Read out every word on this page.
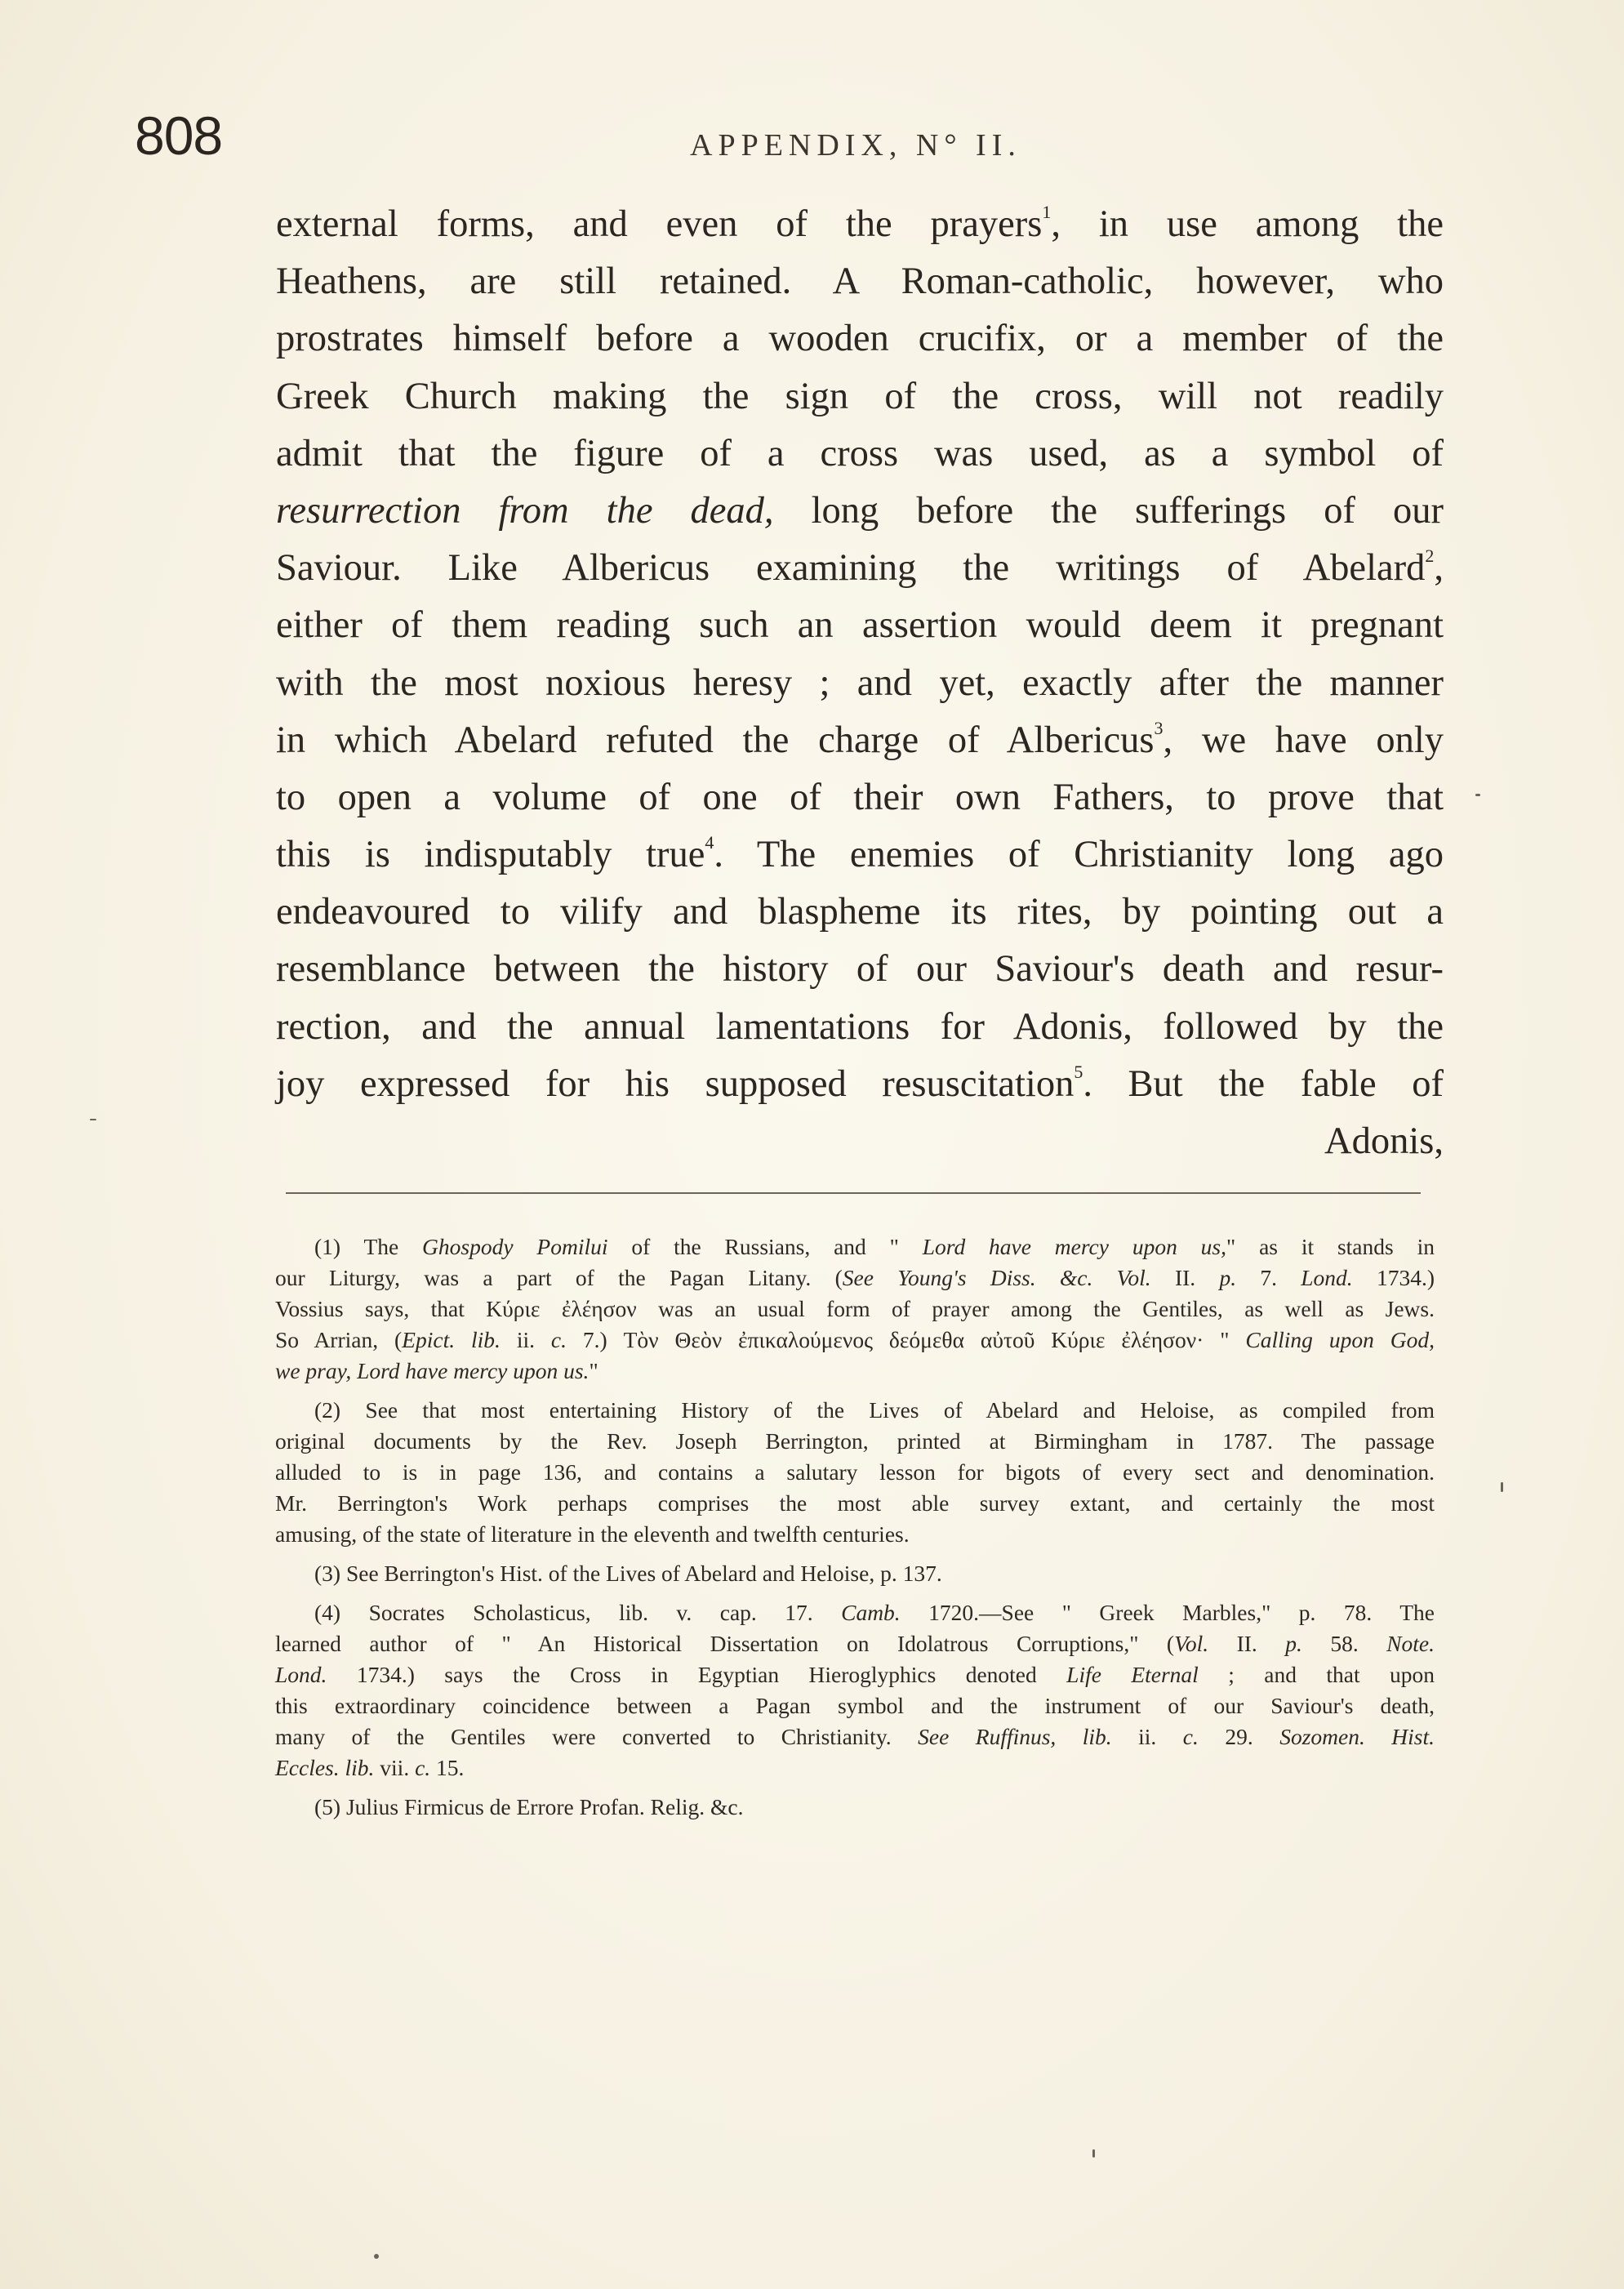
808	APPENDIX, N° II.
external forms, and even of the prayers$^1$, in use among the
Heathens, are still retained. A Roman-catholic, however, who
prostrates himself before a wooden crucifix, or a member of the
Greek Church making the sign of the cross, will not readily
admit that the figure of a cross was used, as a symbol of
resurrection from the dead, long before the sufferings of our
Saviour. Like Albericus examining the writings of Abelard$^2$,
either of them reading such an assertion would deem it pregnant
with the most noxious heresy ; and yet, exactly after the manner
in which Abelard refuted the charge of Albericus$^3$, we have only
to open a volume of one of their own Fathers, to prove that
this is indisputably true$^4$. The enemies of Christianity long ago
endeavoured to vilify and blaspheme its rites, by pointing out a
resemblance between the history of our Saviour's death and resur-
rection, and the annual lamentations for Adonis, followed by the
joy expressed for his supposed resuscitation$^5$. But the fable of
Adonis,
(1) The Ghospody Pomilui of the Russians, and " Lord have mercy upon us," as it stands in
our Liturgy, was a part of the Pagan Litany. (See Young's Diss. &c. Vol. II. p. 7. Lond. 1734.)
Vossius says, that Κύριε ἐλέησον was an usual form of prayer among the Gentiles, as well as Jews.
So Arrian, (Epict. lib. ii. c. 7.) Τὸν Θεὸν ἐπικαλούμενος δεόμεθα αὐτοῦ Κύριε ἐλέησον· " Calling upon God,
we pray, Lord have mercy upon us."
(2) See that most entertaining History of the Lives of Abelard and Heloise, as compiled from
original documents by the Rev. Joseph Berrington, printed at Birmingham in 1787. The passage
alluded to is in page 136, and contains a salutary lesson for bigots of every sect and denomination.
Mr. Berrington's Work perhaps comprises the most able survey extant, and certainly the most
amusing, of the state of literature in the eleventh and twelfth centuries.
(3) See Berrington's Hist. of the Lives of Abelard and Heloise, p. 137.
(4) Socrates Scholasticus, lib. v. cap. 17. Camb. 1720.—See " Greek Marbles," p. 78. The
learned author of " An Historical Dissertation on Idolatrous Corruptions," (Vol. II. p. 58. Note.
Lond. 1734.) says the Cross in Egyptian Hieroglyphics denoted Life Eternal ; and that upon
this extraordinary coincidence between a Pagan symbol and the instrument of our Saviour's death,
many of the Gentiles were converted to Christianity. See Ruffinus, lib. ii. c. 29. Sozomen. Hist.
Eccles. lib. vii. c. 15.
(5) Julius Firmicus de Errore Profan. Relig. &c.
